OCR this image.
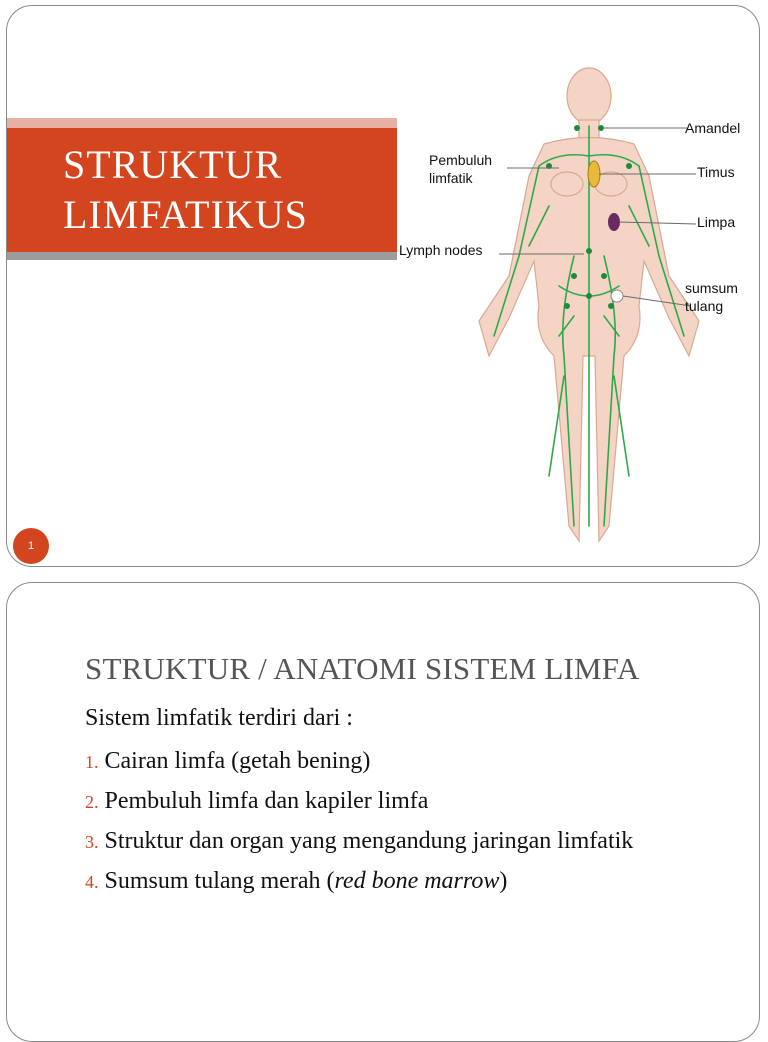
STRUKTUR
LIMFATIKUS
Amandel
Pembuluh
limfatik	Timus
Limpa
Lymph nodes
sumsum
tulang
1
STRUKTUR / ANATOMI SISTEM LIMFA
Sistem limfatik terdiri dari :
1. Cairan limfa (getah bening)
2. Pembuluh limfa dan kapiler limfa
3. Struktur dan organ yang mengandung jaringan limfatik
4. Sumsum tulang merah (red bone marrow)
